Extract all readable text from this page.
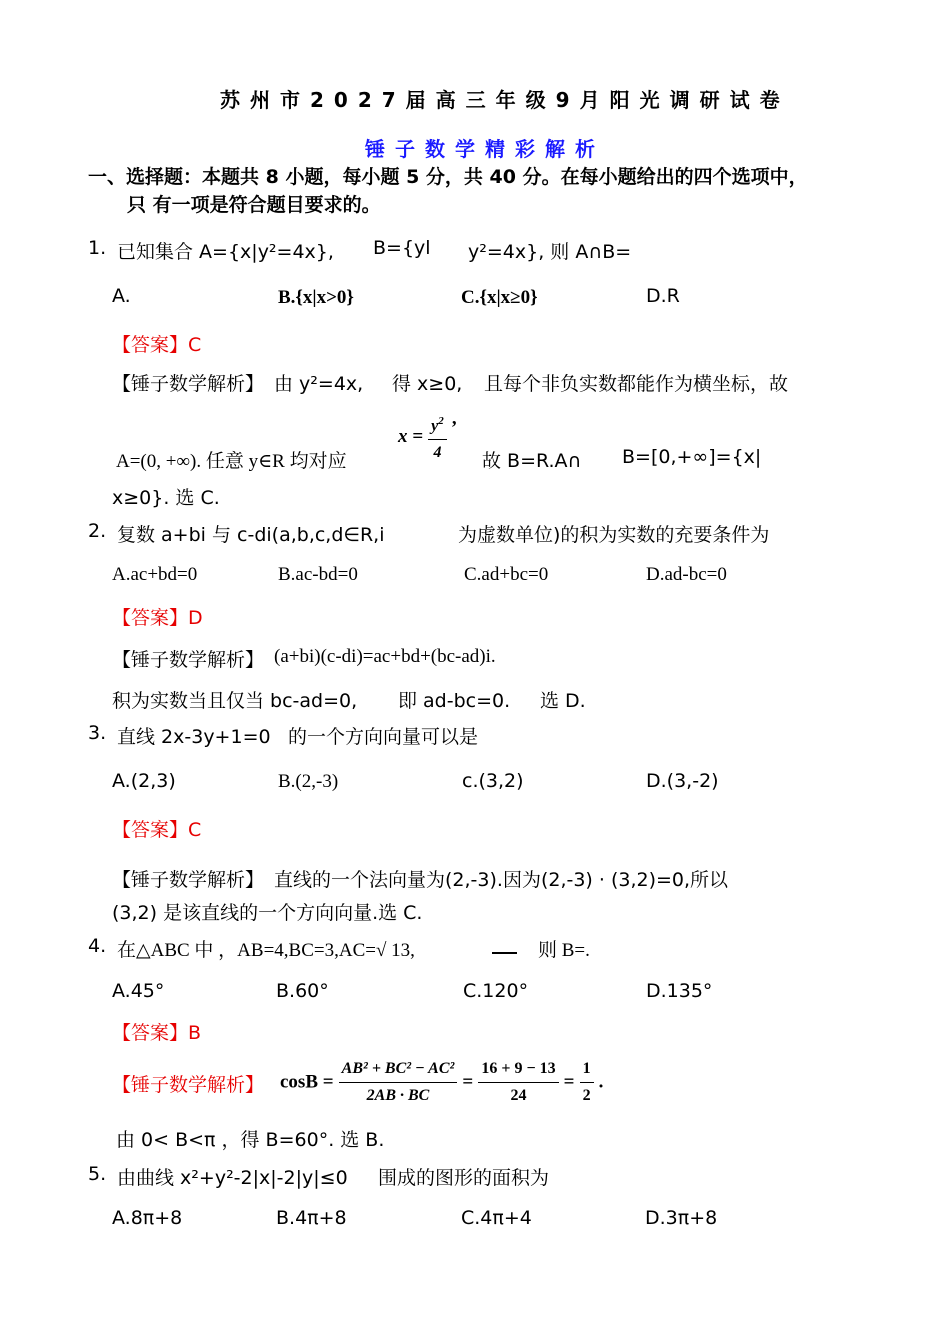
苏州市2027届高三年级9月阳光调研试卷
锤子数学精彩解析
一、选择题：本题共 8 小题，每小题 5 分，共 40 分。在每小题给出的四个选项中，
只 有一项是符合题目要求的。
1. 已知集合 A={x|y²=4x}, B={yl y²=4x}, 则 A∩B=
A.	B.{x|x>0}	C.{x|x≥0}	D.R
【答案】C
【锤子数学解析】 由 y²=4x, 得 x≥0, 且每个非负实数都能作为横坐标，故
A=(0, +∞). 任意 y∈R 均对应
$x = \frac{y^2}{4}$ ,
故 B=R.A∩ B=[0,+∞]={x|
x≥0}. 选 C.
2. 复数 a+bi 与 c-di(a,b,c,d∈R,i	为虚数单位)的积为实数的充要条件为
A.ac+bd=0	B.ac-bd=0	C.ad+bc=0	D.ad-bc=0
【答案】D
【锤子数学解析】 (a+bi)(c-di)=ac+bd+(bc-ad)i.
积为实数当且仅当 bc-ad=0, 即 ad-bc=0. 选 D.
3. 直线 2x-3y+1=0 的一个方向向量可以是
A.(2,3)	B.(2,-3)	c.(3,2)	D.(3,-2)
【答案】C
【锤子数学解析】 直线的一个法向量为(2,-3).因为(2,-3) · (3,2)=0,所以
(3,2) 是该直线的一个方向向量.选 C.
4. 在△ABC 中 ，AB=4,BC=3,AC=√ 13,	则 B=.
A.45°	B.60°	C.120°	D.135°
【答案】B
【锤子数学解析】 $\cos B = \frac{\text{AB² + BC² − AC²}}{2AB \cdot BC} = \frac{16 + 9 - 13}{24} = \frac{1}{2}$ .
由 0< B<π ，得 B=60°. 选 B.
5. 由曲线 x²+y²-2|x|-2|y|≤0 围成的图形的面积为
A.8π+8	B.4π+8	C.4π+4	D.3π+8
